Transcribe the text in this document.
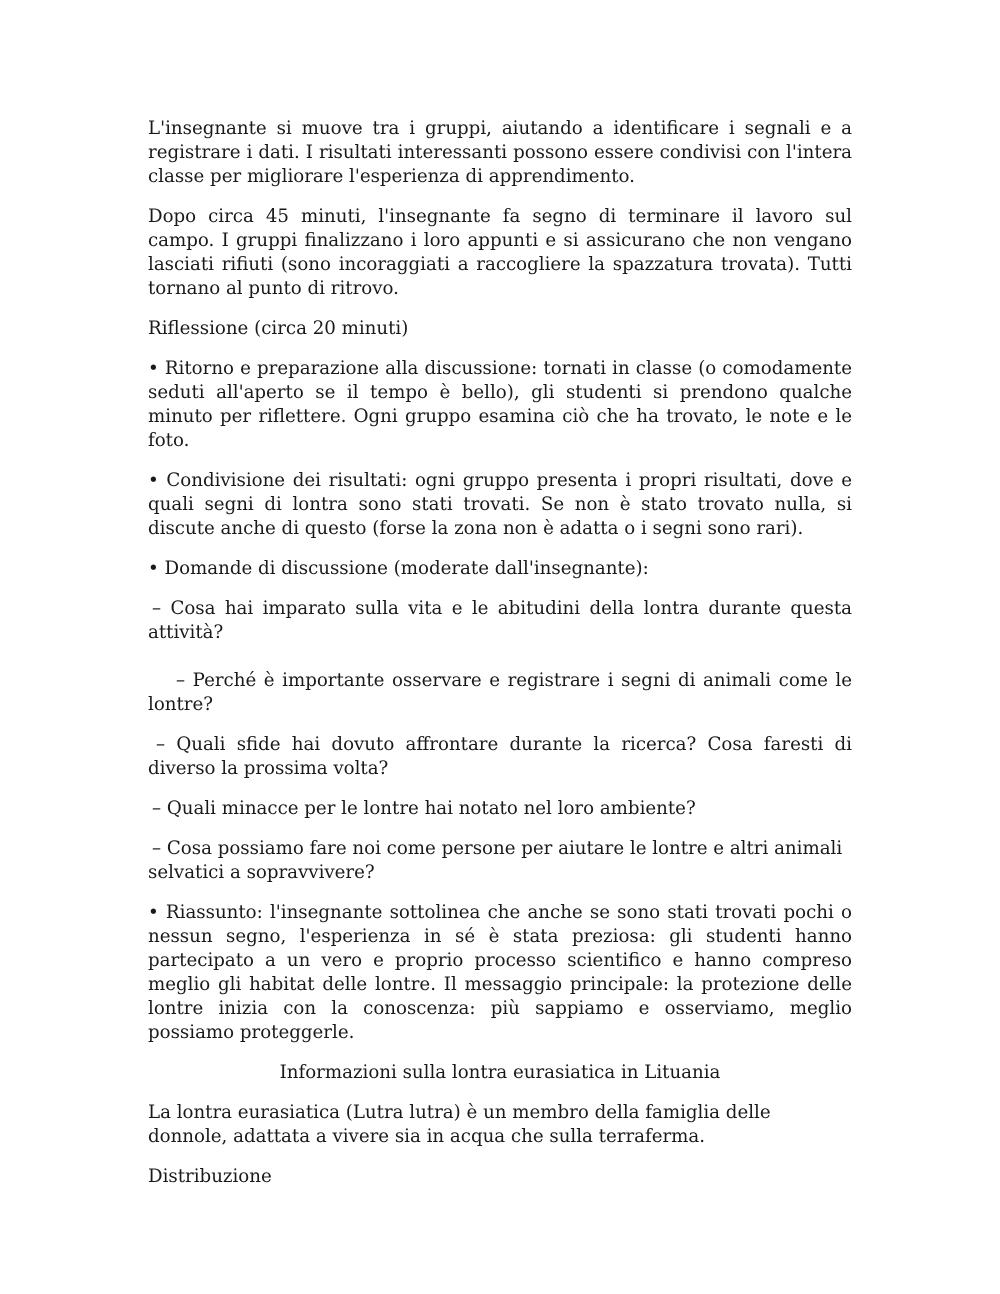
L'insegnante si muove tra i gruppi, aiutando a identificare i segnali e a registrare i dati. I risultati interessanti possono essere condivisi con l'intera classe per migliorare l'esperienza di apprendimento.

Dopo circa 45 minuti, l'insegnante fa segno di terminare il lavoro sul campo. I gruppi finalizzano i loro appunti e si assicurano che non vengano lasciati rifiuti (sono incoraggiati a raccogliere la spazzatura trovata). Tutti tornano al punto di ritrovo.

Riflessione (circa 20 minuti)

• Ritorno e preparazione alla discussione: tornati in classe (o comodamente seduti all'aperto se il tempo è bello), gli studenti si prendono qualche minuto per riflettere. Ogni gruppo esamina ciò che ha trovato, le note e le foto.

• Condivisione dei risultati: ogni gruppo presenta i propri risultati, dove e quali segni di lontra sono stati trovati. Se non è stato trovato nulla, si discute anche di questo (forse la zona non è adatta o i segni sono rari).

• Domande di discussione (moderate dall'insegnante):

– Cosa hai imparato sulla vita e le abitudini della lontra durante questa attività?

– Perché è importante osservare e registrare i segni di animali come le lontre?

– Quali sfide hai dovuto affrontare durante la ricerca? Cosa faresti di diverso la prossima volta?

– Quali minacce per le lontre hai notato nel loro ambiente?

– Cosa possiamo fare noi come persone per aiutare le lontre e altri animali selvatici a sopravvivere?

• Riassunto: l'insegnante sottolinea che anche se sono stati trovati pochi o nessun segno, l'esperienza in sé è stata preziosa: gli studenti hanno partecipato a un vero e proprio processo scientifico e hanno compreso meglio gli habitat delle lontre. Il messaggio principale: la protezione delle lontre inizia con la conoscenza: più sappiamo e osserviamo, meglio possiamo proteggerle.

Informazioni sulla lontra eurasiatica in Lituania

La lontra eurasiatica (Lutra lutra) è un membro della famiglia delle donnole, adattata a vivere sia in acqua che sulla terraferma.

Distribuzione
